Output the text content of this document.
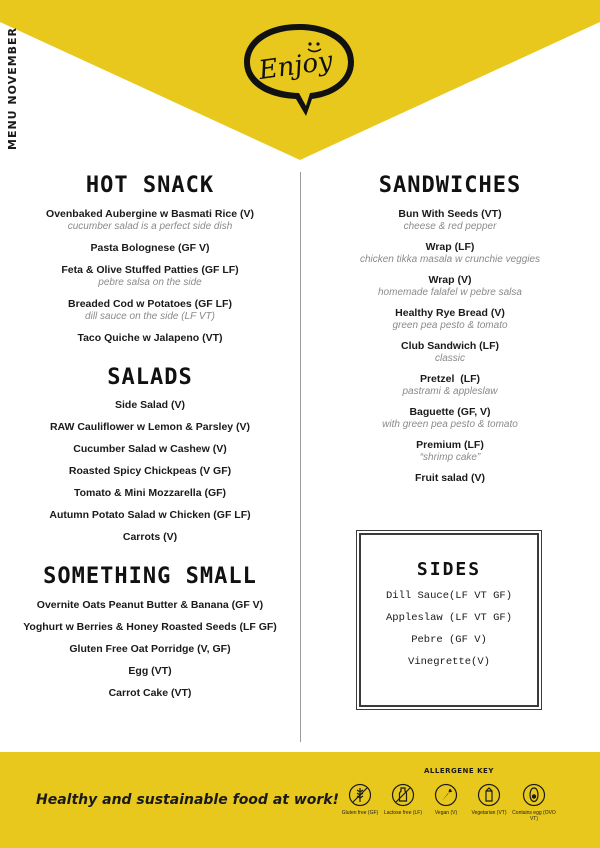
MENU NOVEMBER	Enjoy
HOT SNACK
Ovenbaked Aubergine w Basmati Rice (V)
cucumber salad is a perfect side dish
Pasta Bolognese (GF V)
Feta & Olive Stuffed Patties (GF LF)
pebre salsa on the side
Breaded Cod w Potatoes (GF LF)
dill sauce on the side (LF VT)
Taco Quiche w Jalapeno (VT)
SALADS
Side Salad (V)
RAW Cauliflower w Lemon & Parsley (V)
Cucumber Salad w Cashew (V)
Roasted Spicy Chickpeas (V GF)
Tomato & Mini Mozzarella (GF)
Autumn Potato Salad w Chicken (GF LF)
Carrots (V)
SOMETHING SMALL
Overnite Oats Peanut Butter & Banana (GF V)
Yoghurt w Berries & Honey Roasted Seeds (LF GF)
Gluten Free Oat Porridge (V, GF)
Egg (VT)
Carrot Cake (VT)
SANDWICHES
Bun With Seeds (VT)
cheese & red pepper
Wrap (LF)
chicken tikka masala w crunchie veggies
Wrap (V)
homemade falafel w pebre salsa
Healthy Rye Bread (V)
green pea pesto & tomato
Club Sandwich (LF)
classic
Pretzel  (LF)
pastrami & appleslaw
Baguette (GF, V)
with green pea pesto & tomato
Premium (LF)
“shrimp cake”
Fruit salad (V)
SIDES
Dill Sauce(LF VT GF)
Appleslaw (LF VT GF)
Pebre (GF V)
Vinegrette(V)
Healthy and sustainable food at work!
ALLERGENE KEY
Gluten free (GF)	Lactose free (LF)	Vegan (V)	Vegetarian (VT)	Contains egg (OVO VT)
